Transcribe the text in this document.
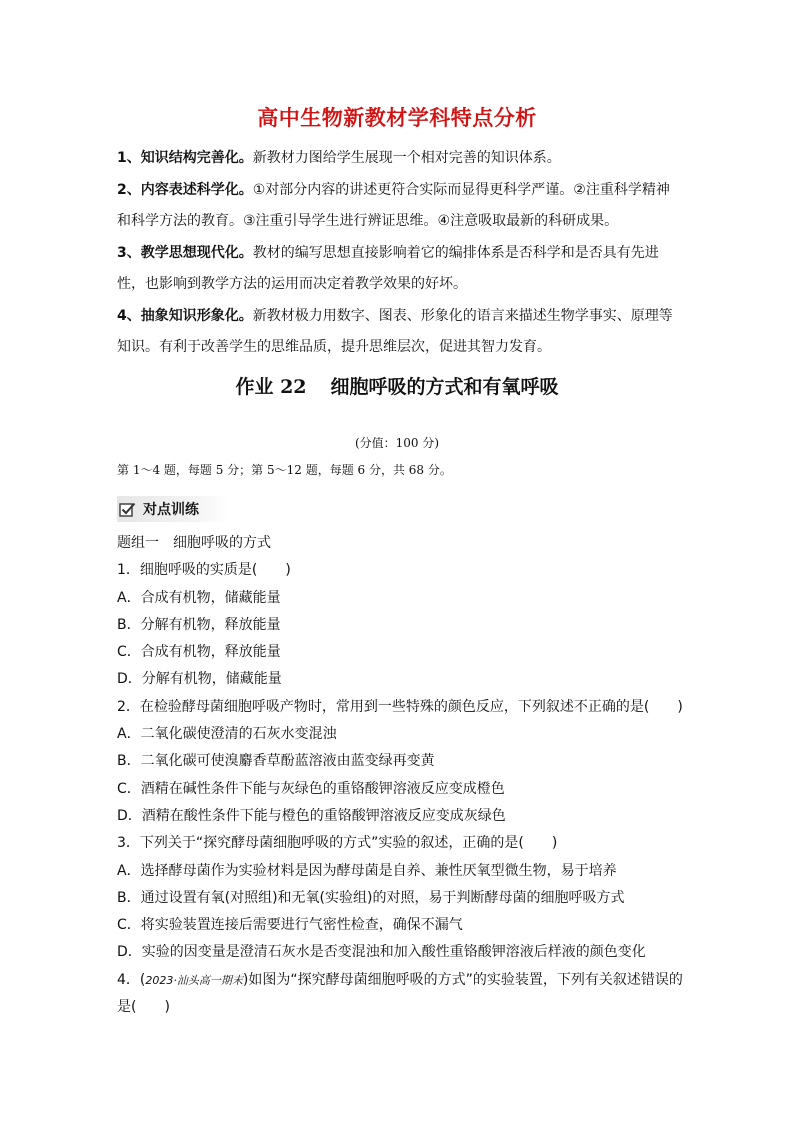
高中生物新教材学科特点分析

1、知识结构完善化。新教材力图给学生展现一个相对完善的知识体系。

2、内容表述科学化。①对部分内容的讲述更符合实际而显得更科学严谨。②注重科学精神和科学方法的教育。③注重引导学生进行辨证思维。④注意吸取最新的科研成果。

3、教学思想现代化。教材的编写思想直接影响着它的编排体系是否科学和是否具有先进性，也影响到教学方法的运用而决定着教学效果的好坏。

4、抽象知识形象化。新教材极力用数字、图表、形象化的语言来描述生物学事实、原理等知识。有利于改善学生的思维品质，提升思维层次，促进其智力发育。

作业 22 细胞呼吸的方式和有氧呼吸
(分值：100 分)
第 1～4 题，每题 5 分；第 5～12 题，每题 6 分，共 68 分。
对点训练
题组一　细胞呼吸的方式
1．细胞呼吸的实质是(　　)
A．合成有机物，储藏能量
B．分解有机物，释放能量
C．合成有机物，释放能量
D．分解有机物，储藏能量
2．在检验酵母菌细胞呼吸产物时，常用到一些特殊的颜色反应，下列叙述不正确的是(　　)
A．二氧化碳使澄清的石灰水变混浊
B．二氧化碳可使溴麝香草酚蓝溶液由蓝变绿再变黄
C．酒精在碱性条件下能与灰绿色的重铬酸钾溶液反应变成橙色
D．酒精在酸性条件下能与橙色的重铬酸钾溶液反应变成灰绿色
3．下列关于“探究酵母菌细胞呼吸的方式”实验的叙述，正确的是(　　)
A．选择酵母菌作为实验材料是因为酵母菌是自养、兼性厌氧型微生物，易于培养
B．通过设置有氧(对照组)和无氧(实验组)的对照，易于判断酵母菌的细胞呼吸方式
C．将实验装置连接后需要进行气密性检查，确保不漏气
D．实验的因变量是澄清石灰水是否变混浊和加入酸性重铬酸钾溶液后样液的颜色变化
4．(2023·汕头高一期末)如图为“探究酵母菌细胞呼吸的方式”的实验装置，下列有关叙述错误的是(　　)
